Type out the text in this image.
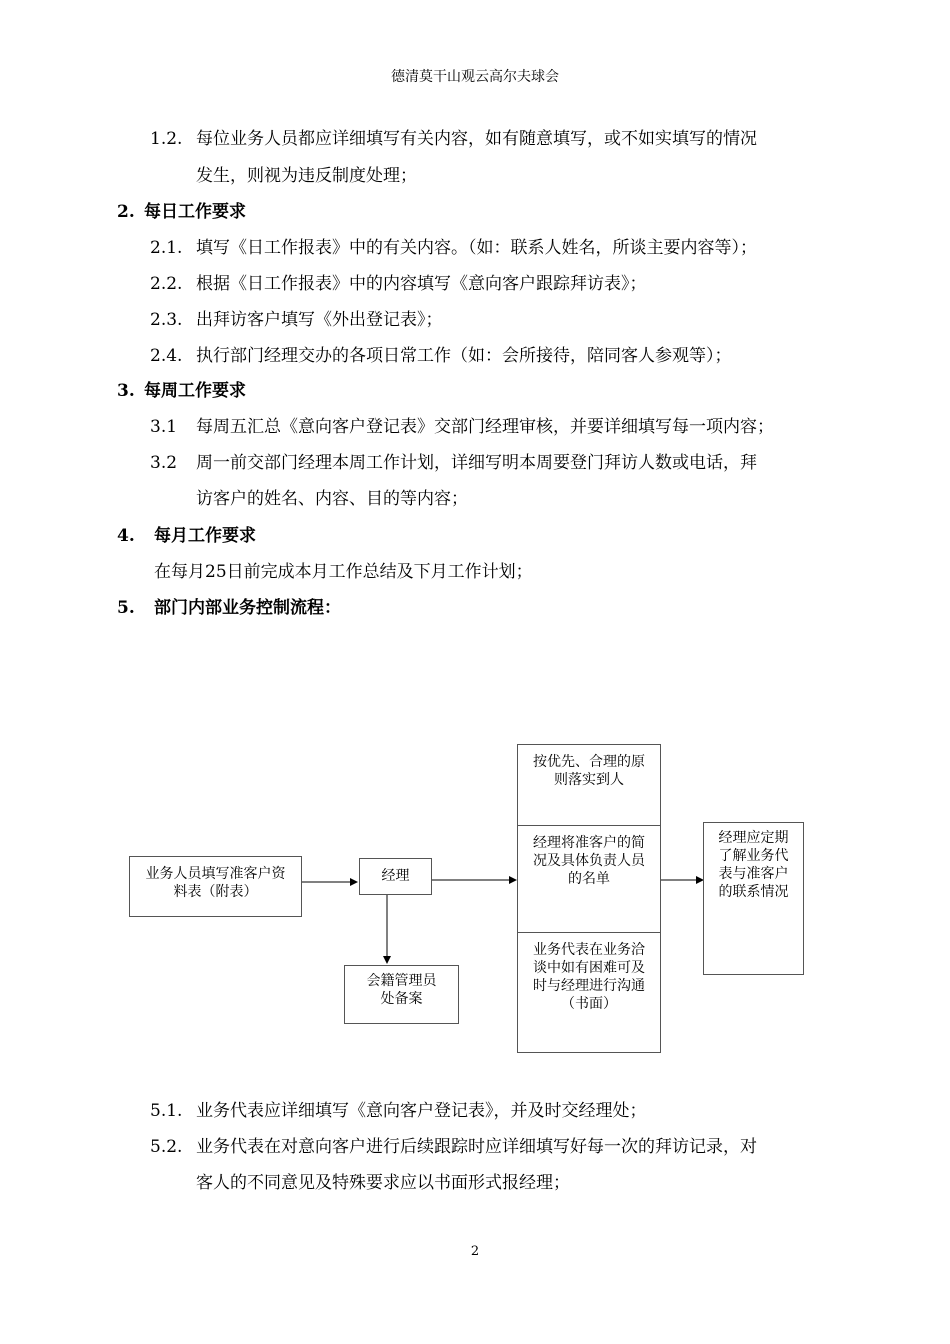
德清莫干山观云高尔夫球会
1.2. 每位业务人员都应详细填写有关内容，如有随意填写，或不如实填写的情况
发生，则视为违反制度处理；
2. 每日工作要求
2.1. 填写《日工作报表》中的有关内容。（如：联系人姓名，所谈主要内容等）；
2.2. 根据《日工作报表》中的内容填写《意向客户跟踪拜访表》；
2.3. 出拜访客户填写《外出登记表》；
2.4. 执行部门经理交办的各项日常工作（如：会所接待，陪同客人参观等）；
3. 每周工作要求
3.1 每周五汇总《意向客户登记表》交部门经理审核，并要详细填写每一项内容；
3.2 周一前交部门经理本周工作计划，详细写明本周要登门拜访人数或电话，拜
访客户的姓名、内容、目的等内容；
4. 每月工作要求
在每月25日前完成本月工作总结及下月工作计划；
5. 部门内部业务控制流程：
业务人员填写准客户资料表（附表）
经理
会籍管理员处备案
按优先、合理的原则落实到人
经理将准客户的简况及具体负责人员的名单
业务代表在业务洽谈中如有困难可及时与经理进行沟通（书面）
经理应定期了解业务代表与准客户的联系情况
5.1. 业务代表应详细填写《意向客户登记表》，并及时交经理处；
5.2. 业务代表在对意向客户进行后续跟踪时应详细填写好每一次的拜访记录，对
客人的不同意见及特殊要求应以书面形式报经理；
2
